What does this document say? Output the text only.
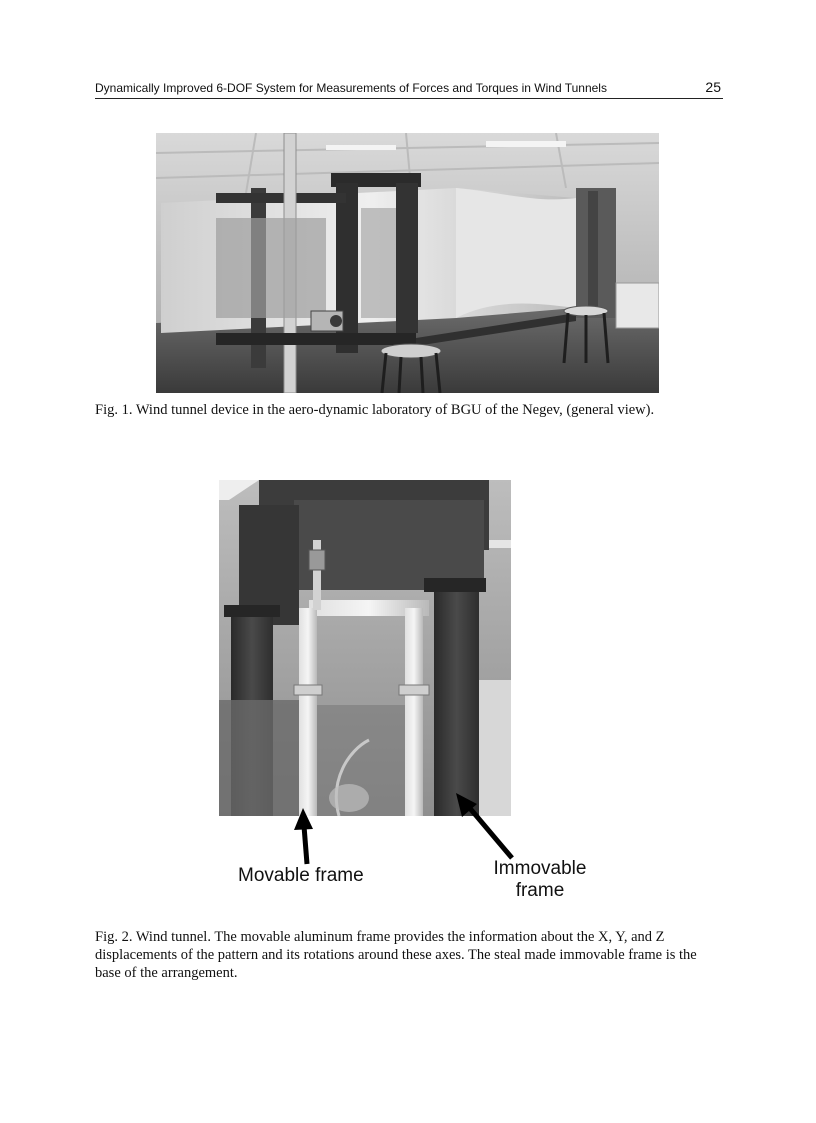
Dynamically Improved 6-DOF System for Measurements of Forces and Torques in Wind Tunnels	25
Fig. 1. Wind tunnel device in the aero-dynamic laboratory of BGU of the Negev, (general view).
Movable frame	Immovable
frame
Fig. 2. Wind tunnel. The movable aluminum frame provides the information about the X, Y, and Z displacements of the pattern and its rotations around these axes. The steal made immovable frame is the base of the arrangement.
